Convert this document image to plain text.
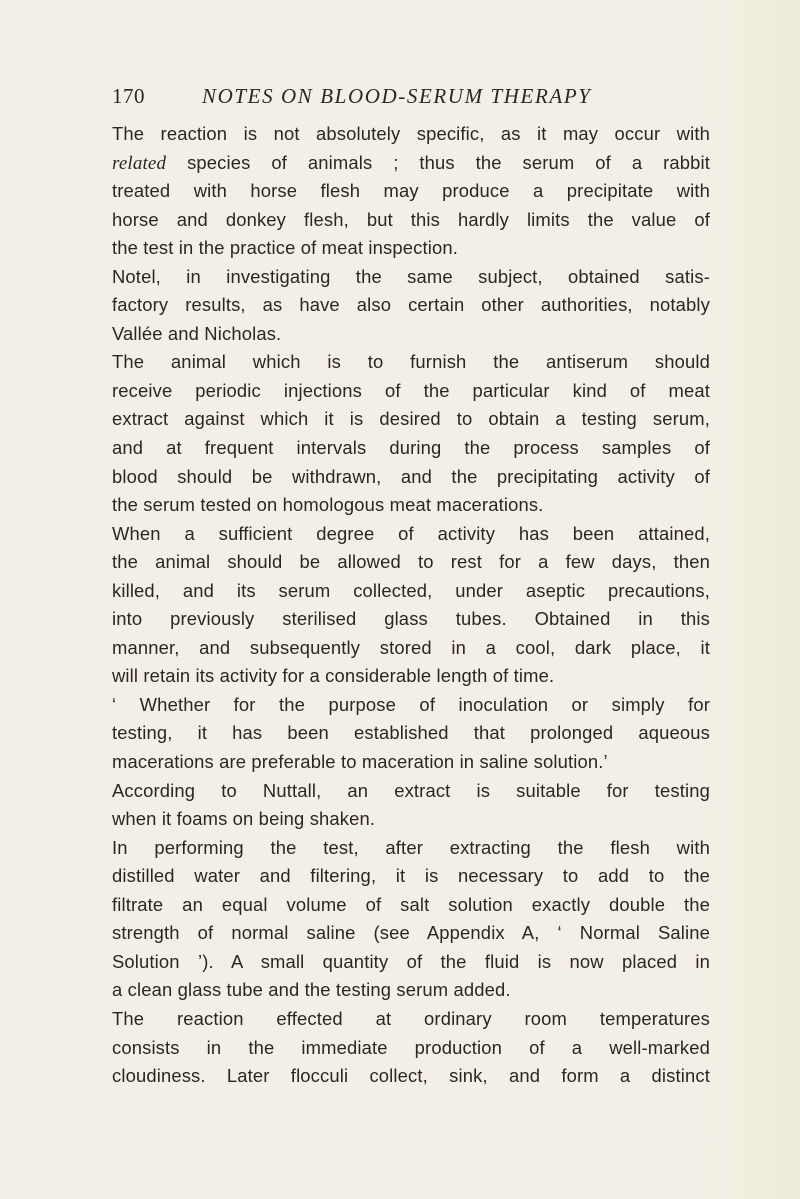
170	NOTES ON BLOOD-SERUM THERAPY
The reaction is not absolutely specific, as it may occur with
related species of animals ; thus the serum of a rabbit
treated with horse flesh may produce a precipitate with
horse and donkey flesh, but this hardly limits the value of
the test in the practice of meat inspection.
Notel, in investigating the same subject, obtained satis-
factory results, as have also certain other authorities, notably
Vallée and Nicholas.
The animal which is to furnish the antiserum should
receive periodic injections of the particular kind of meat
extract against which it is desired to obtain a testing serum,
and at frequent intervals during the process samples of
blood should be withdrawn, and the precipitating activity of
the serum tested on homologous meat macerations.
When a sufficient degree of activity has been attained,
the animal should be allowed to rest for a few days, then
killed, and its serum collected, under aseptic precautions,
into previously sterilised glass tubes. Obtained in this
manner, and subsequently stored in a cool, dark place, it
will retain its activity for a considerable length of time.
‘ Whether for the purpose of inoculation or simply for
testing, it has been established that prolonged aqueous
macerations are preferable to maceration in saline solution.’
According to Nuttall, an extract is suitable for testing
when it foams on being shaken.
In performing the test, after extracting the flesh with
distilled water and filtering, it is necessary to add to the
filtrate an equal volume of salt solution exactly double the
strength of normal saline (see Appendix A, ‘ Normal Saline
Solution ’). A small quantity of the fluid is now placed in
a clean glass tube and the testing serum added.
The reaction effected at ordinary room temperatures
consists in the immediate production of a well-marked
cloudiness. Later flocculi collect, sink, and form a distinct
